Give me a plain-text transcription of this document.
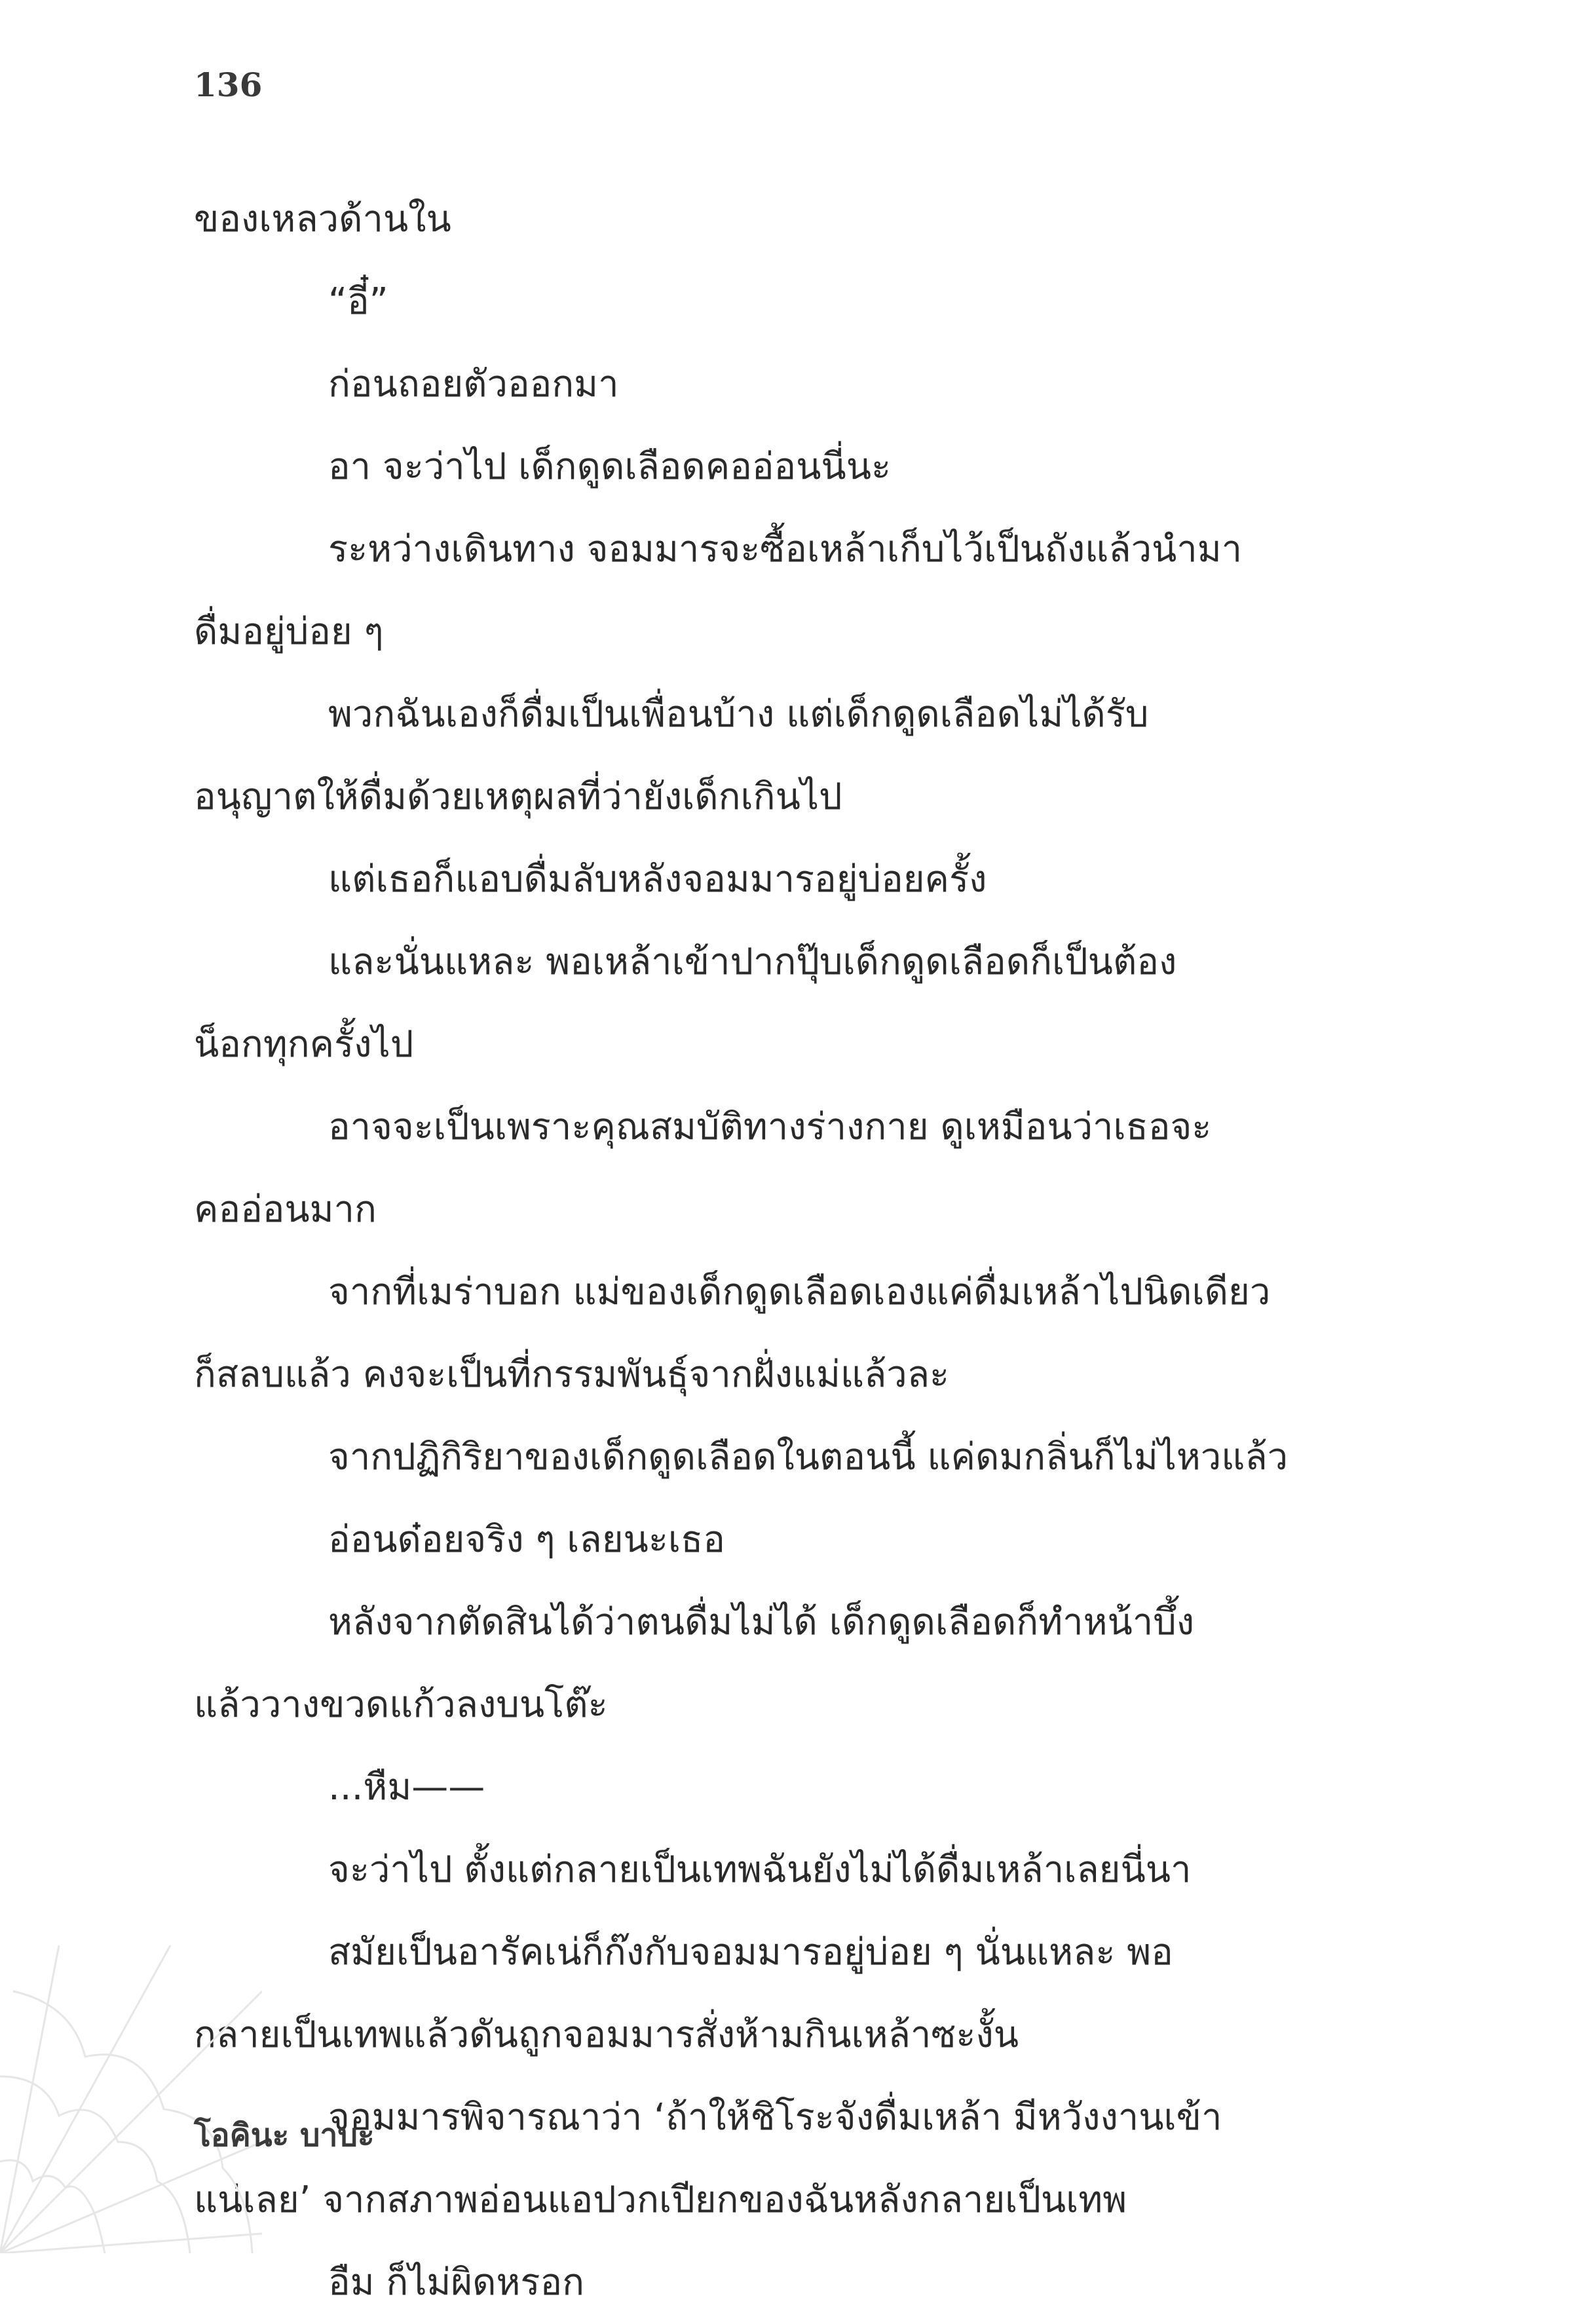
136

ของเหลวด้านใน

“อี๋”

ก่อนถอยตัวออกมา

อา จะว่าไป เด็กดูดเลือดคออ่อนนี่นะ

ระหว่างเดินทาง จอมมารจะซื้อเหล้าเก็บไว้เป็นถังแล้วนำมา

ดื่มอยู่บ่อย ๆ

พวกฉันเองก็ดื่มเป็นเพื่อนบ้าง แต่เด็กดูดเลือดไม่ได้รับ

อนุญาตให้ดื่มด้วยเหตุผลที่ว่ายังเด็กเกินไป

แต่เธอก็แอบดื่มลับหลังจอมมารอยู่บ่อยครั้ง

และนั่นแหละ พอเหล้าเข้าปากปุ๊บเด็กดูดเลือดก็เป็นต้อง

น็อกทุกครั้งไป

อาจจะเป็นเพราะคุณสมบัติทางร่างกาย ดูเหมือนว่าเธอจะ

คออ่อนมาก

จากที่เมร่าบอก แม่ของเด็กดูดเลือดเองแค่ดื่มเหล้าไปนิดเดียว

ก็สลบแล้ว คงจะเป็นที่กรรมพันธุ์จากฝั่งแม่แล้วละ

จากปฏิกิริยาของเด็กดูดเลือดในตอนนี้ แค่ดมกลิ่นก็ไม่ไหวแล้ว

อ่อนด๋อยจริง ๆ เลยนะเธอ

หลังจากตัดสินได้ว่าตนดื่มไม่ได้ เด็กดูดเลือดก็ทำหน้าบึ้ง

แล้ววางขวดแก้วลงบนโต๊ะ

...หืม——

จะว่าไป ตั้งแต่กลายเป็นเทพฉันยังไม่ได้ดื่มเหล้าเลยนี่นา

สมัยเป็นอารัคเน่ก็ก๊งกับจอมมารอยู่บ่อย ๆ นั่นแหละ พอ

กลายเป็นเทพแล้วดันถูกจอมมารสั่งห้ามกินเหล้าซะงั้น

จอมมารพิจารณาว่า ‘ถ้าให้ชิโระจังดื่มเหล้า มีหวังงานเข้า

แน่เลย’ จากสภาพอ่อนแอปวกเปียกของฉันหลังกลายเป็นเทพ

อืม ก็ไม่ผิดหรอก

โอคินะ บาบะ
